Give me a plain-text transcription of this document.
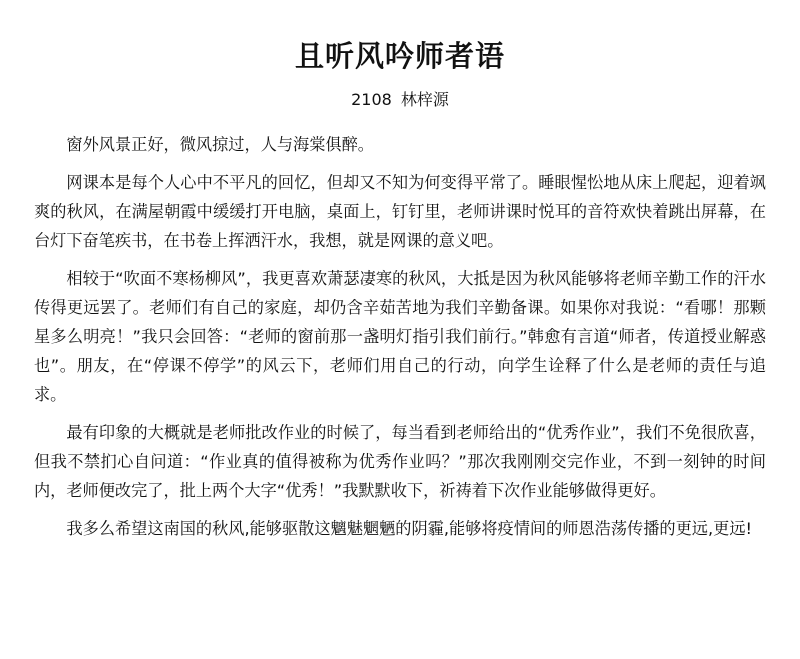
且听风吟师者语

2108 林梓源

窗外风景正好，微风掠过，人与海棠俱醉。

网课本是每个人心中不平凡的回忆，但却又不知为何变得平常了。睡眼惺忪地从床上爬起，迎着飒爽的秋风，在满屋朝霞中缓缓打开电脑，桌面上，钉钉里，老师讲课时悦耳的音符欢快着跳出屏幕，在台灯下奋笔疾书，在书卷上挥洒汗水，我想，就是网课的意义吧。

相较于“吹面不寒杨柳风”，我更喜欢萧瑟凄寒的秋风，大抵是因为秋风能够将老师辛勤工作的汗水传得更远罢了。老师们有自己的家庭，却仍含辛茹苦地为我们辛勤备课。如果你对我说：“看哪！那颗星多么明亮！”我只会回答：“老师的窗前那一盏明灯指引我们前行。”韩愈有言道“师者，传道授业解惑也”。朋友，在“停课不停学”的风云下，老师们用自己的行动，向学生诠释了什么是老师的责任与追求。

最有印象的大概就是老师批改作业的时候了，每当看到老师给出的“优秀作业”，我们不免很欣喜，但我不禁扪心自问道：“作业真的值得被称为优秀作业吗？”那次我刚刚交完作业，不到一刻钟的时间内，老师便改完了，批上两个大字“优秀！”我默默收下，祈祷着下次作业能够做得更好。

我多么希望这南国的秋风,能够驱散这魑魅魍魉的阴霾,能够将疫情间的师恩浩荡传播的更远,更远!
